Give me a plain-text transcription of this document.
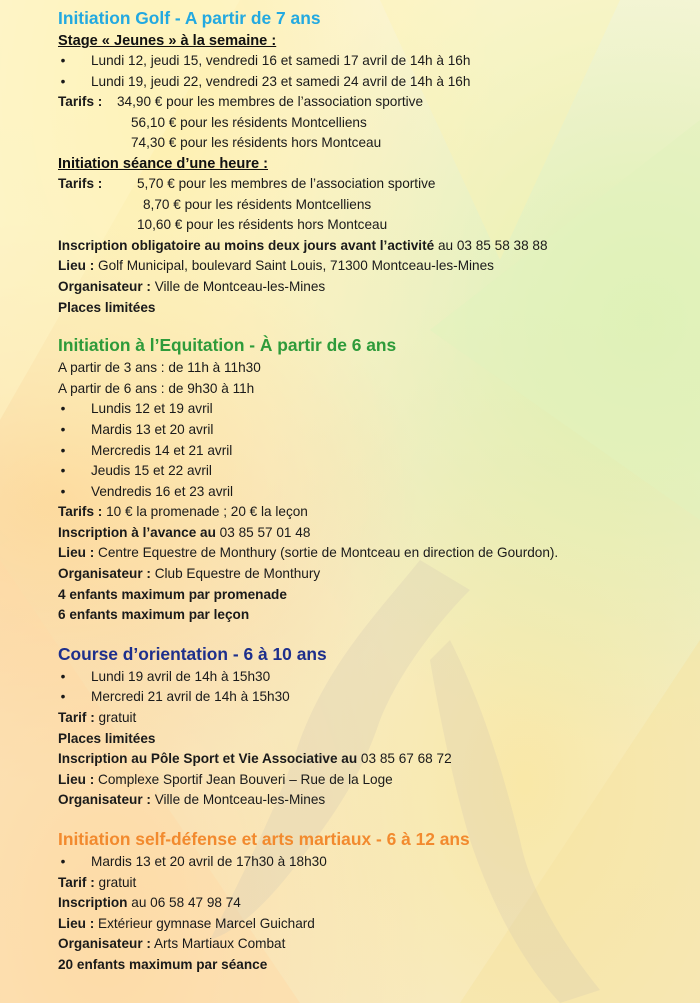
Initiation Golf - A partir de 7 ans
Stage « Jeunes » à la semaine :
• Lundi 12, jeudi 15, vendredi 16 et samedi 17 avril de 14h à 16h
• Lundi 19, jeudi 22, vendredi 23 et samedi 24 avril de 14h à 16h
Tarifs :	34,90 € pour les membres de l’association sportive
56,10 € pour les résidents Montcelliens
74,30 € pour les résidents hors Montceau
Initiation séance d’une heure :
Tarifs :	5,70 € pour les membres de l’association sportive
8,70 € pour les résidents Montcelliens
10,60 € pour les résidents hors Montceau

Inscription obligatoire au moins deux jours avant l’activité au 03 85 58 38 88

Lieu : Golf Municipal, boulevard Saint Louis, 71300 Montceau-les-Mines

Organisateur : Ville de Montceau-les-Mines

Places limitées

Initiation à l’Equitation - À partir de 6 ans

A partir de 3 ans : de 11h à 11h30

A partir de 6 ans : de 9h30 à 11h

• Lundis 12 et 19 avril
• Mardis 13 et 20 avril
• Mercredis 14 et 21 avril
• Jeudis 15 et 22 avril
• Vendredis 16 et 23 avril

Tarifs : 10 € la promenade ; 20 € la leçon

Inscription à l’avance au 03 85 57 01 48

Lieu : Centre Equestre de Monthury (sortie de Montceau en direction de Gourdon).

Organisateur : Club Equestre de Monthury

4 enfants maximum par promenade

6 enfants maximum par leçon

Course d’orientation - 6 à 10 ans
• Lundi 19 avril de 14h à 15h30
• Mercredi 21 avril de 14h à 15h30

Tarif : gratuit

Places limitées

Inscription au Pôle Sport et Vie Associative au 03 85 67 68 72

Lieu : Complexe Sportif Jean Bouveri – Rue de la Loge

Organisateur : Ville de Montceau-les-Mines

Initiation self-défense et arts martiaux - 6 à 12 ans
• Mardis 13 et 20 avril de 17h30 à 18h30

Tarif : gratuit

Inscription au 06 58 47 98 74

Lieu : Extérieur gymnase Marcel Guichard

Organisateur : Arts Martiaux Combat

20 enfants maximum par séance
